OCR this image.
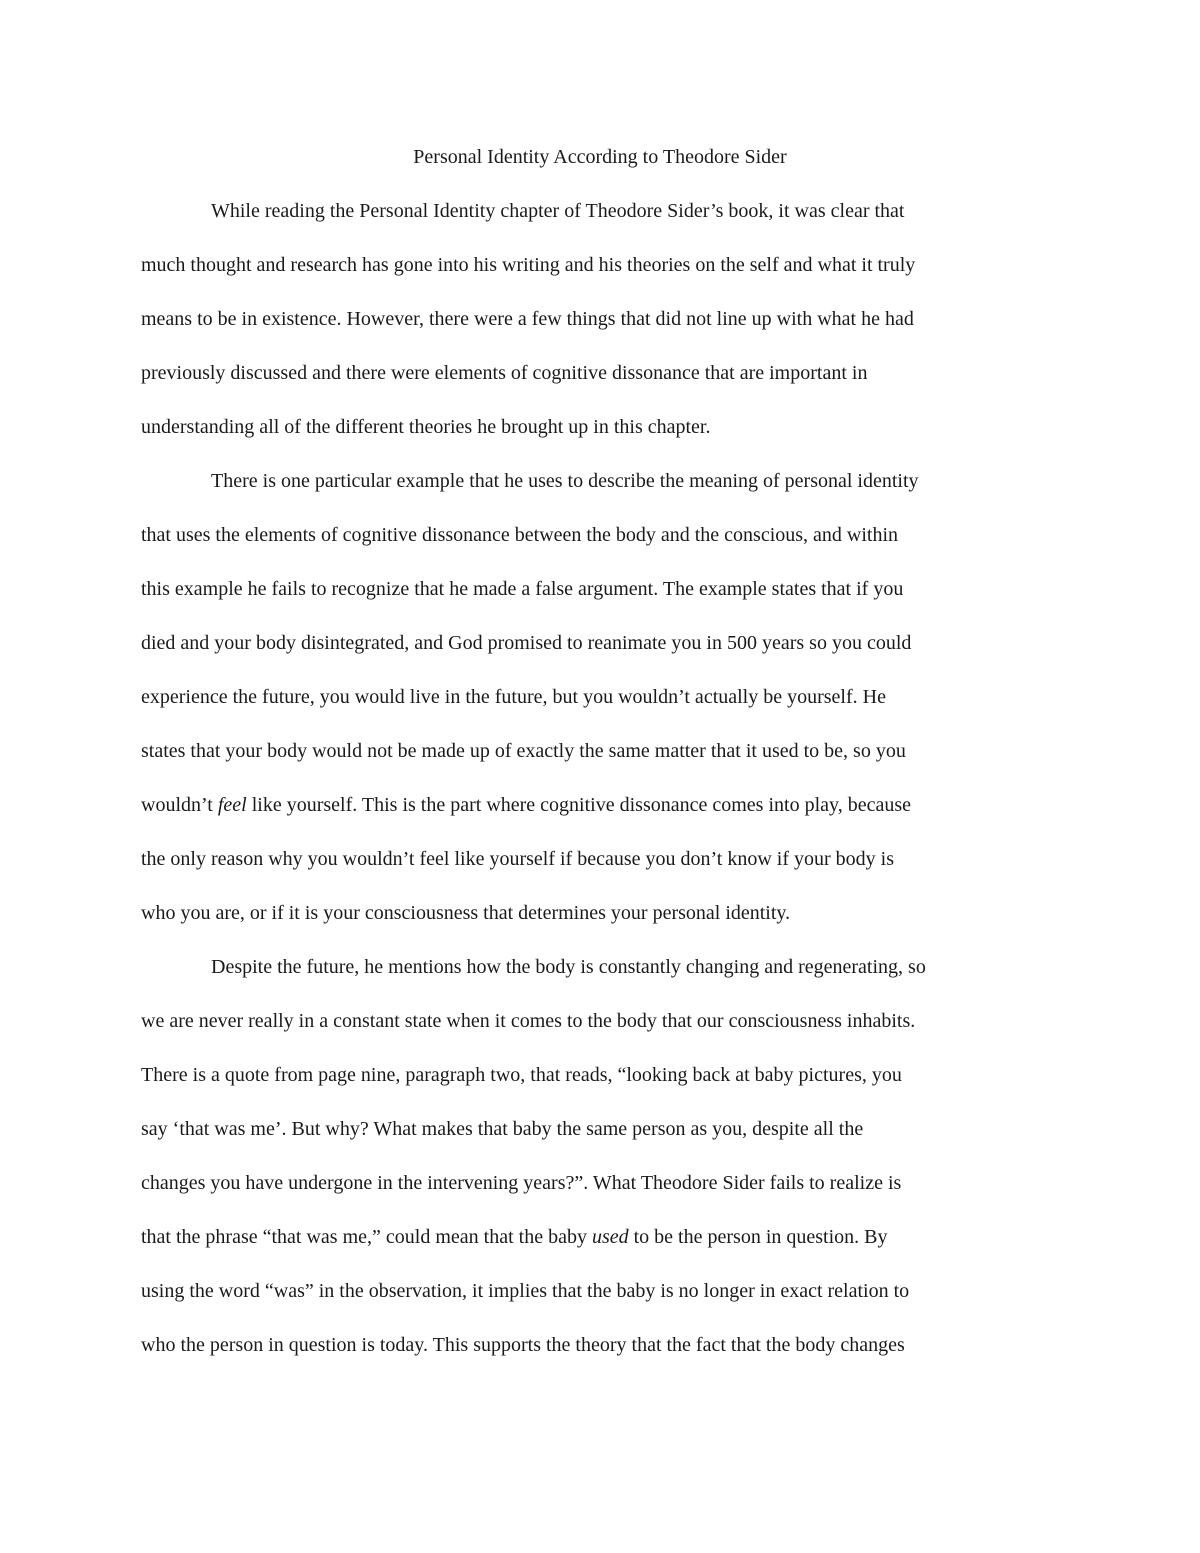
Personal Identity According to Theodore Sider
While reading the Personal Identity chapter of Theodore Sider’s book, it was clear that
much thought and research has gone into his writing and his theories on the self and what it truly
means to be in existence. However, there were a few things that did not line up with what he had
previously discussed and there were elements of cognitive dissonance that are important in
understanding all of the different theories he brought up in this chapter.
There is one particular example that he uses to describe the meaning of personal identity
that uses the elements of cognitive dissonance between the body and the conscious, and within
this example he fails to recognize that he made a false argument. The example states that if you
died and your body disintegrated, and God promised to reanimate you in 500 years so you could
experience the future, you would live in the future, but you wouldn’t actually be yourself. He
states that your body would not be made up of exactly the same matter that it used to be, so you
wouldn’t feel like yourself. This is the part where cognitive dissonance comes into play, because
the only reason why you wouldn’t feel like yourself if because you don’t know if your body is
who you are, or if it is your consciousness that determines your personal identity.
Despite the future, he mentions how the body is constantly changing and regenerating, so
we are never really in a constant state when it comes to the body that our consciousness inhabits.
There is a quote from page nine, paragraph two, that reads, “looking back at baby pictures, you
say ‘that was me’. But why? What makes that baby the same person as you, despite all the
changes you have undergone in the intervening years?”. What Theodore Sider fails to realize is
that the phrase “that was me,” could mean that the baby used to be the person in question. By
using the word “was” in the observation, it implies that the baby is no longer in exact relation to
who the person in question is today. This supports the theory that the fact that the body changes
